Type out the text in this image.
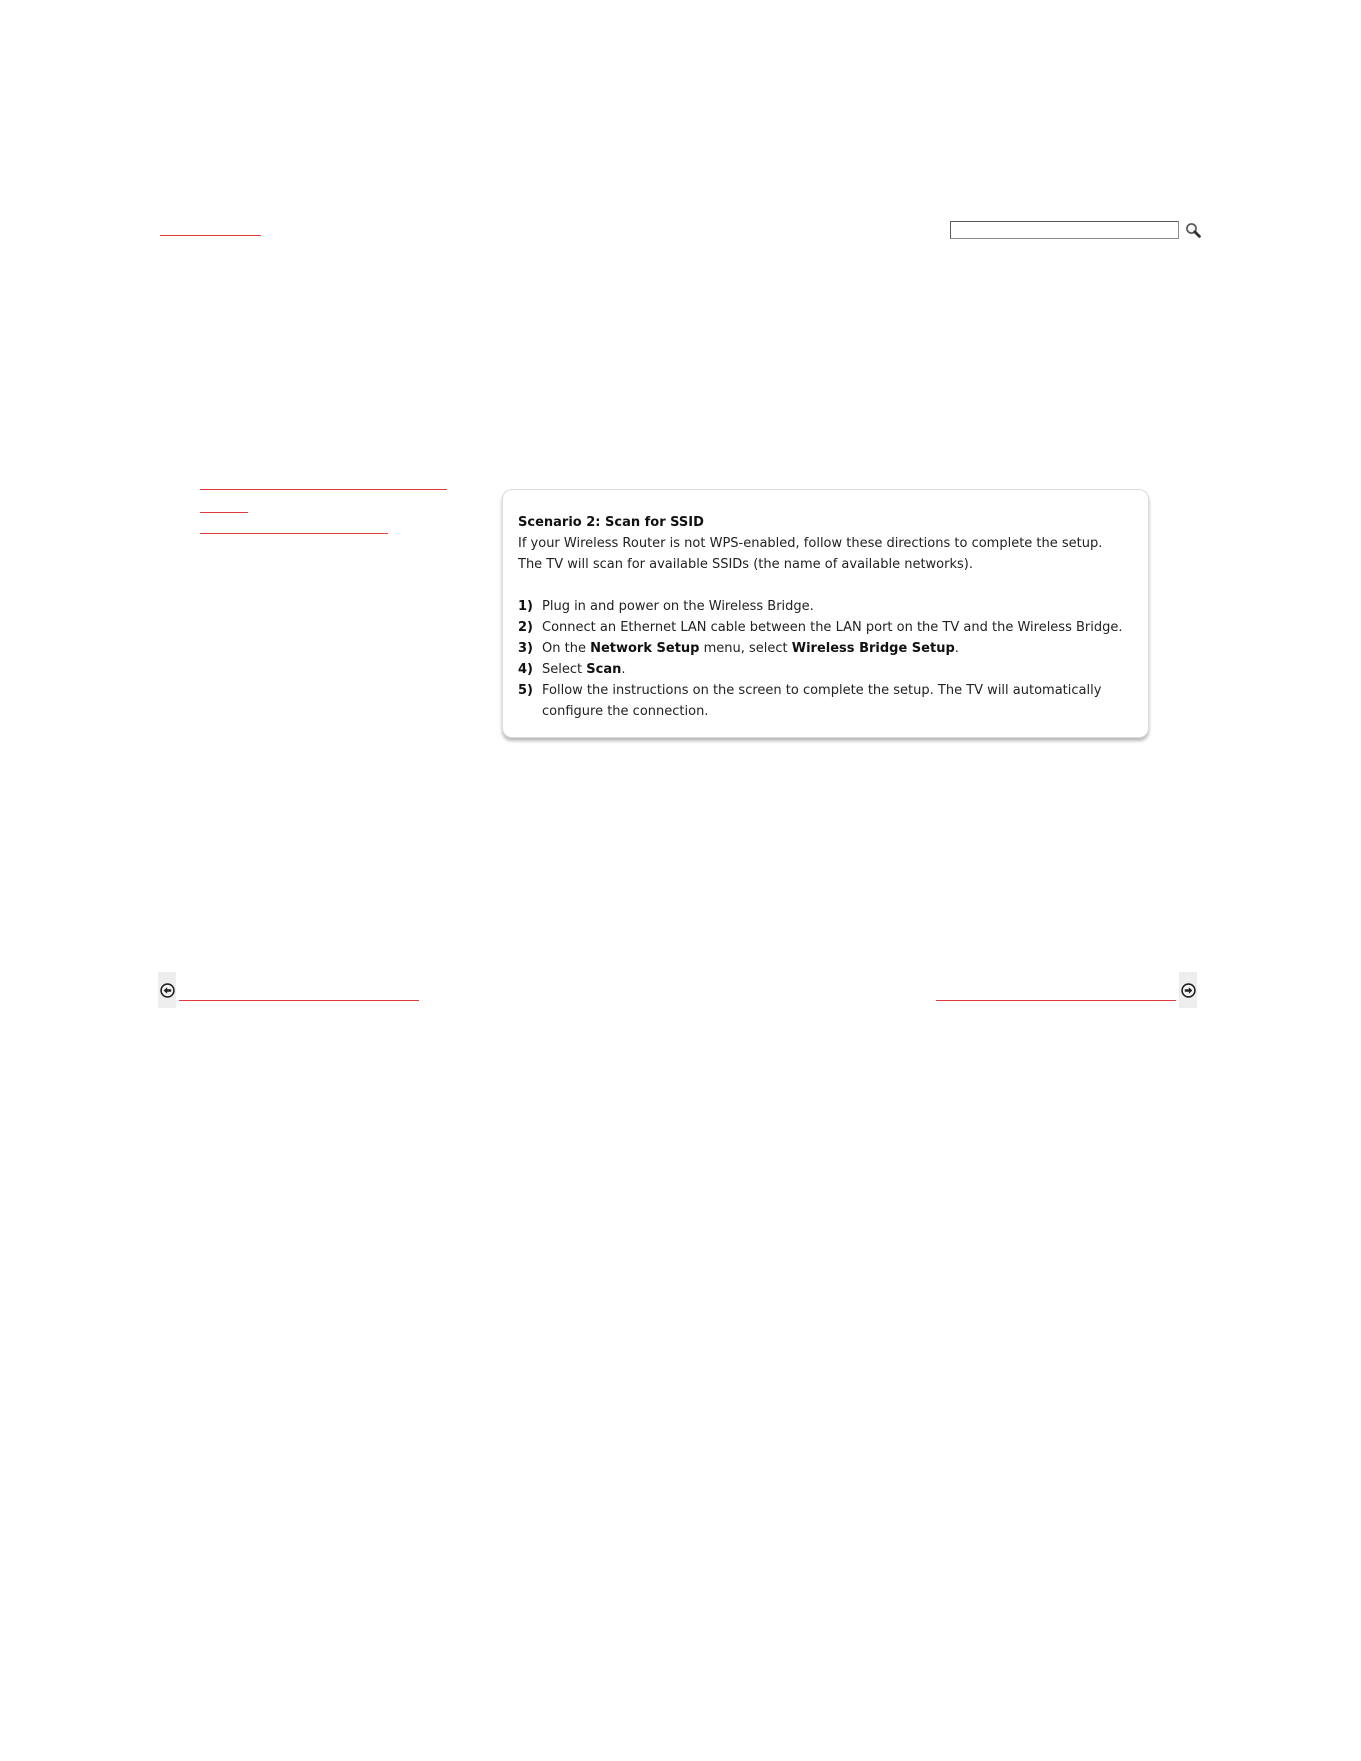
Scenario 2: Scan for SSID

If your Wireless Router is not WPS-enabled, follow these directions to complete the setup.
The TV will scan for available SSIDs (the name of available networks).

1) Plug in and power on the Wireless Bridge.
2) Connect an Ethernet LAN cable between the LAN port on the TV and the Wireless Bridge.
3) On the Network Setup menu, select Wireless Bridge Setup.
4) Select Scan.
5) Follow the instructions on the screen to complete the setup. The TV will automatically configure the connection.
